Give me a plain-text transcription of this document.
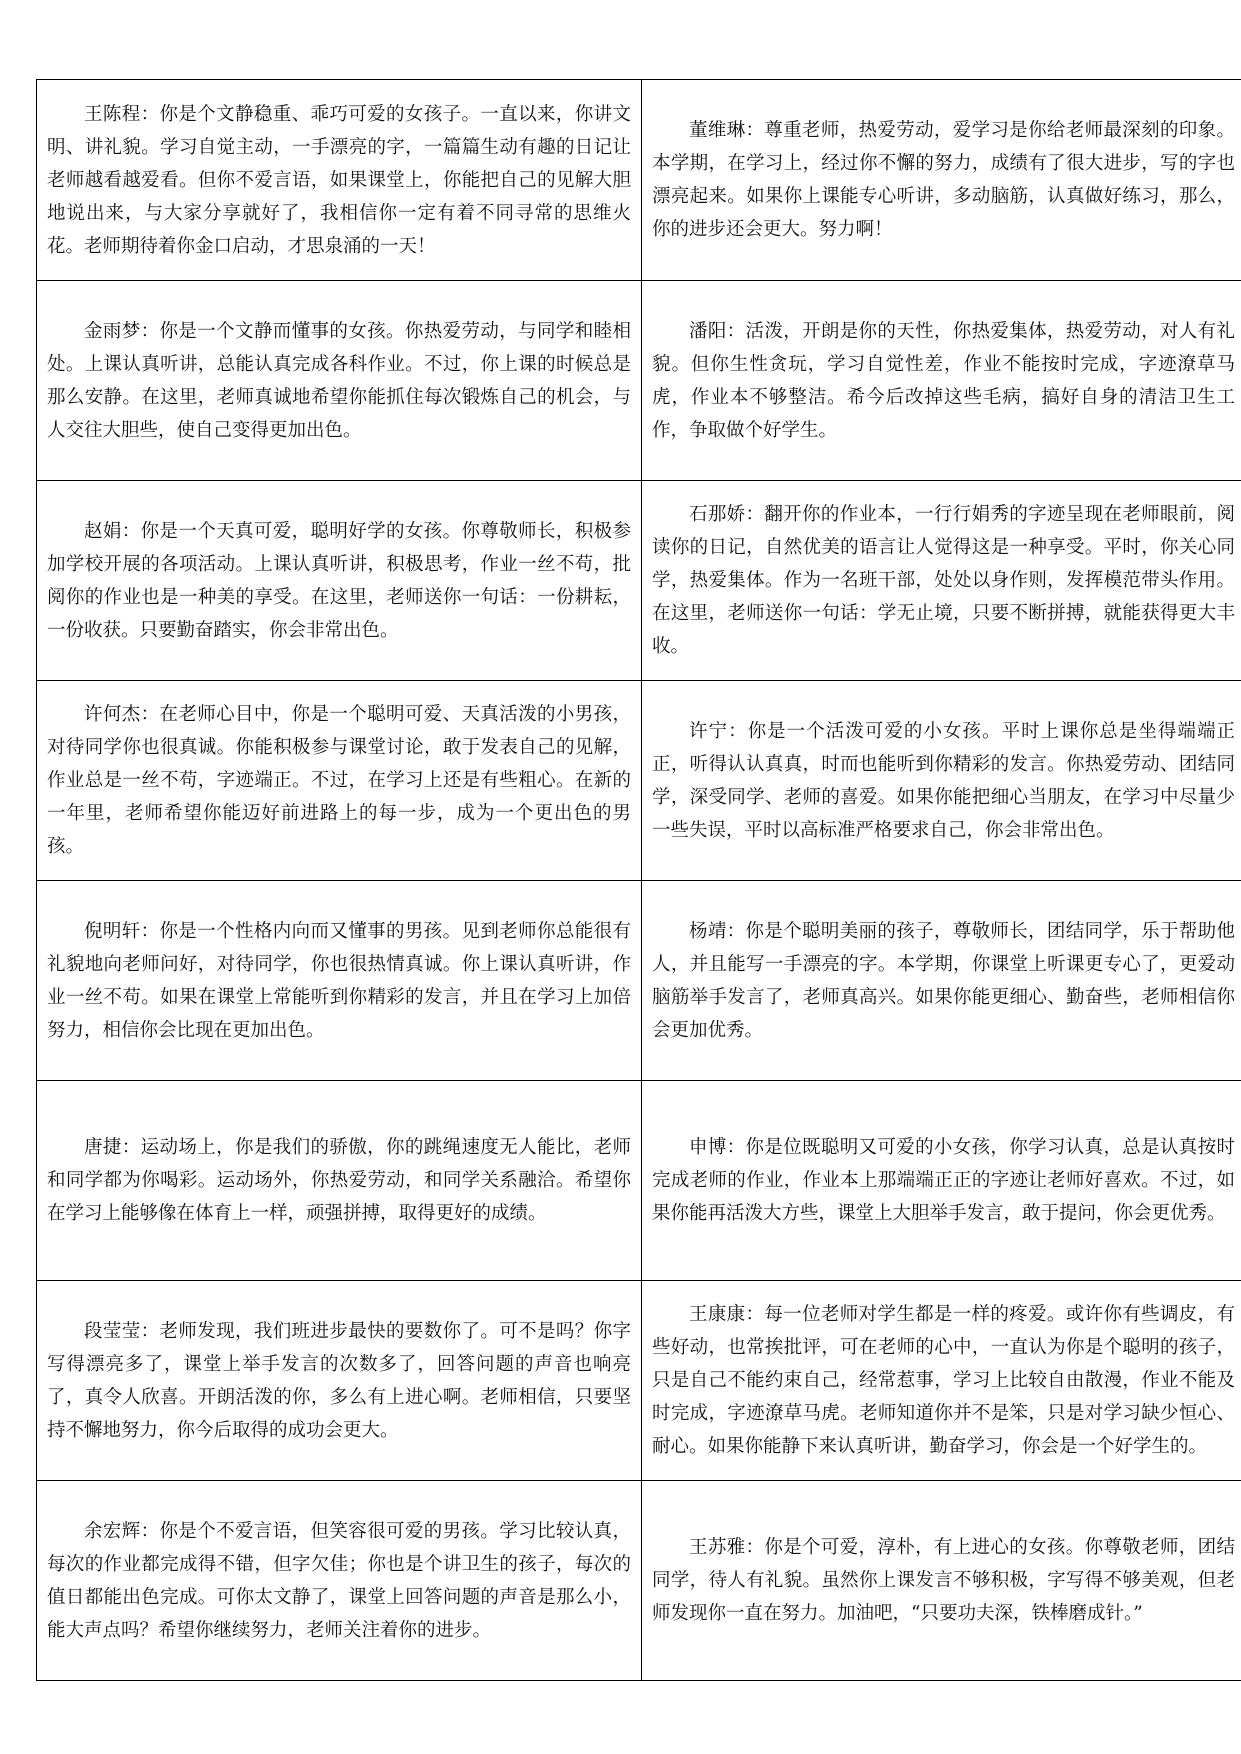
王陈程：你是个文静稳重、乖巧可爱的女孩子。一直以来，你讲文明、讲礼貌。学习自觉主动，一手漂亮的字，一篇篇生动有趣的日记让老师越看越爱看。但你不爱言语，如果课堂上，你能把自己的见解大胆地说出来，与大家分享就好了，我相信你一定有着不同寻常的思维火花。老师期待着你金口启动，才思泉涌的一天！	董维琳：尊重老师，热爱劳动，爱学习是你给老师最深刻的印象。本学期，在学习上，经过你不懈的努力，成绩有了很大进步，写的字也漂亮起来。如果你上课能专心听讲，多动脑筋，认真做好练习，那么，你的进步还会更大。努力啊！
金雨梦：你是一个文静而懂事的女孩。你热爱劳动，与同学和睦相处。上课认真听讲，总能认真完成各科作业。不过，你上课的时候总是那么安静。在这里，老师真诚地希望你能抓住每次锻炼自己的机会，与人交往大胆些，使自己变得更加出色。	潘阳：活泼，开朗是你的天性，你热爱集体，热爱劳动，对人有礼貌。但你生性贪玩，学习自觉性差，作业不能按时完成，字迹潦草马虎，作业本不够整洁。希今后改掉这些毛病，搞好自身的清洁卫生工作，争取做个好学生。
赵娟：你是一个天真可爱，聪明好学的女孩。你尊敬师长，积极参加学校开展的各项活动。上课认真听讲，积极思考，作业一丝不苟，批阅你的作业也是一种美的享受。在这里，老师送你一句话：一份耕耘，一份收获。只要勤奋踏实，你会非常出色。	石那娇：翻开你的作业本，一行行娟秀的字迹呈现在老师眼前，阅读你的日记，自然优美的语言让人觉得这是一种享受。平时，你关心同学，热爱集体。作为一名班干部，处处以身作则，发挥模范带头作用。在这里，老师送你一句话：学无止境，只要不断拼搏，就能获得更大丰收。
许何杰：在老师心目中，你是一个聪明可爱、天真活泼的小男孩，对待同学你也很真诚。你能积极参与课堂讨论，敢于发表自己的见解，作业总是一丝不苟，字迹端正。不过，在学习上还是有些粗心。在新的一年里，老师希望你能迈好前进路上的每一步，成为一个更出色的男孩。	许宁：你是一个活泼可爱的小女孩。平时上课你总是坐得端端正正，听得认认真真，时而也能听到你精彩的发言。你热爱劳动、团结同学，深受同学、老师的喜爱。如果你能把细心当朋友，在学习中尽量少一些失误，平时以高标准严格要求自己，你会非常出色。
倪明轩：你是一个性格内向而又懂事的男孩。见到老师你总能很有礼貌地向老师问好，对待同学，你也很热情真诚。你上课认真听讲，作业一丝不苟。如果在课堂上常能听到你精彩的发言，并且在学习上加倍努力，相信你会比现在更加出色。	杨靖：你是个聪明美丽的孩子，尊敬师长，团结同学，乐于帮助他人，并且能写一手漂亮的字。本学期，你课堂上听课更专心了，更爱动脑筋举手发言了，老师真高兴。如果你能更细心、勤奋些，老师相信你会更加优秀。
唐捷：运动场上，你是我们的骄傲，你的跳绳速度无人能比，老师和同学都为你喝彩。运动场外，你热爱劳动，和同学关系融洽。希望你在学习上能够像在体育上一样，顽强拼搏，取得更好的成绩。	申博：你是位既聪明又可爱的小女孩，你学习认真，总是认真按时完成老师的作业，作业本上那端端正正的字迹让老师好喜欢。不过，如果你能再活泼大方些，课堂上大胆举手发言，敢于提问，你会更优秀。
段莹莹：老师发现，我们班进步最快的要数你了。可不是吗？你字写得漂亮多了，课堂上举手发言的次数多了，回答问题的声音也响亮了，真令人欣喜。开朗活泼的你，多么有上进心啊。老师相信，只要坚持不懈地努力，你今后取得的成功会更大。	王康康：每一位老师对学生都是一样的疼爱。或许你有些调皮，有些好动，也常挨批评，可在老师的心中，一直认为你是个聪明的孩子，只是自己不能约束自己，经常惹事，学习上比较自由散漫，作业不能及时完成，字迹潦草马虎。老师知道你并不是笨，只是对学习缺少恒心、耐心。如果你能静下来认真听讲，勤奋学习，你会是一个好学生的。
余宏辉：你是个不爱言语，但笑容很可爱的男孩。学习比较认真，每次的作业都完成得不错，但字欠佳；你也是个讲卫生的孩子，每次的值日都能出色完成。可你太文静了，课堂上回答问题的声音是那么小，能大声点吗？希望你继续努力，老师关注着你的进步。	王苏雅：你是个可爱，淳朴，有上进心的女孩。你尊敬老师，团结同学，待人有礼貌。虽然你上课发言不够积极，字写得不够美观，但老师发现你一直在努力。加油吧，“只要功夫深，铁棒磨成针。”
